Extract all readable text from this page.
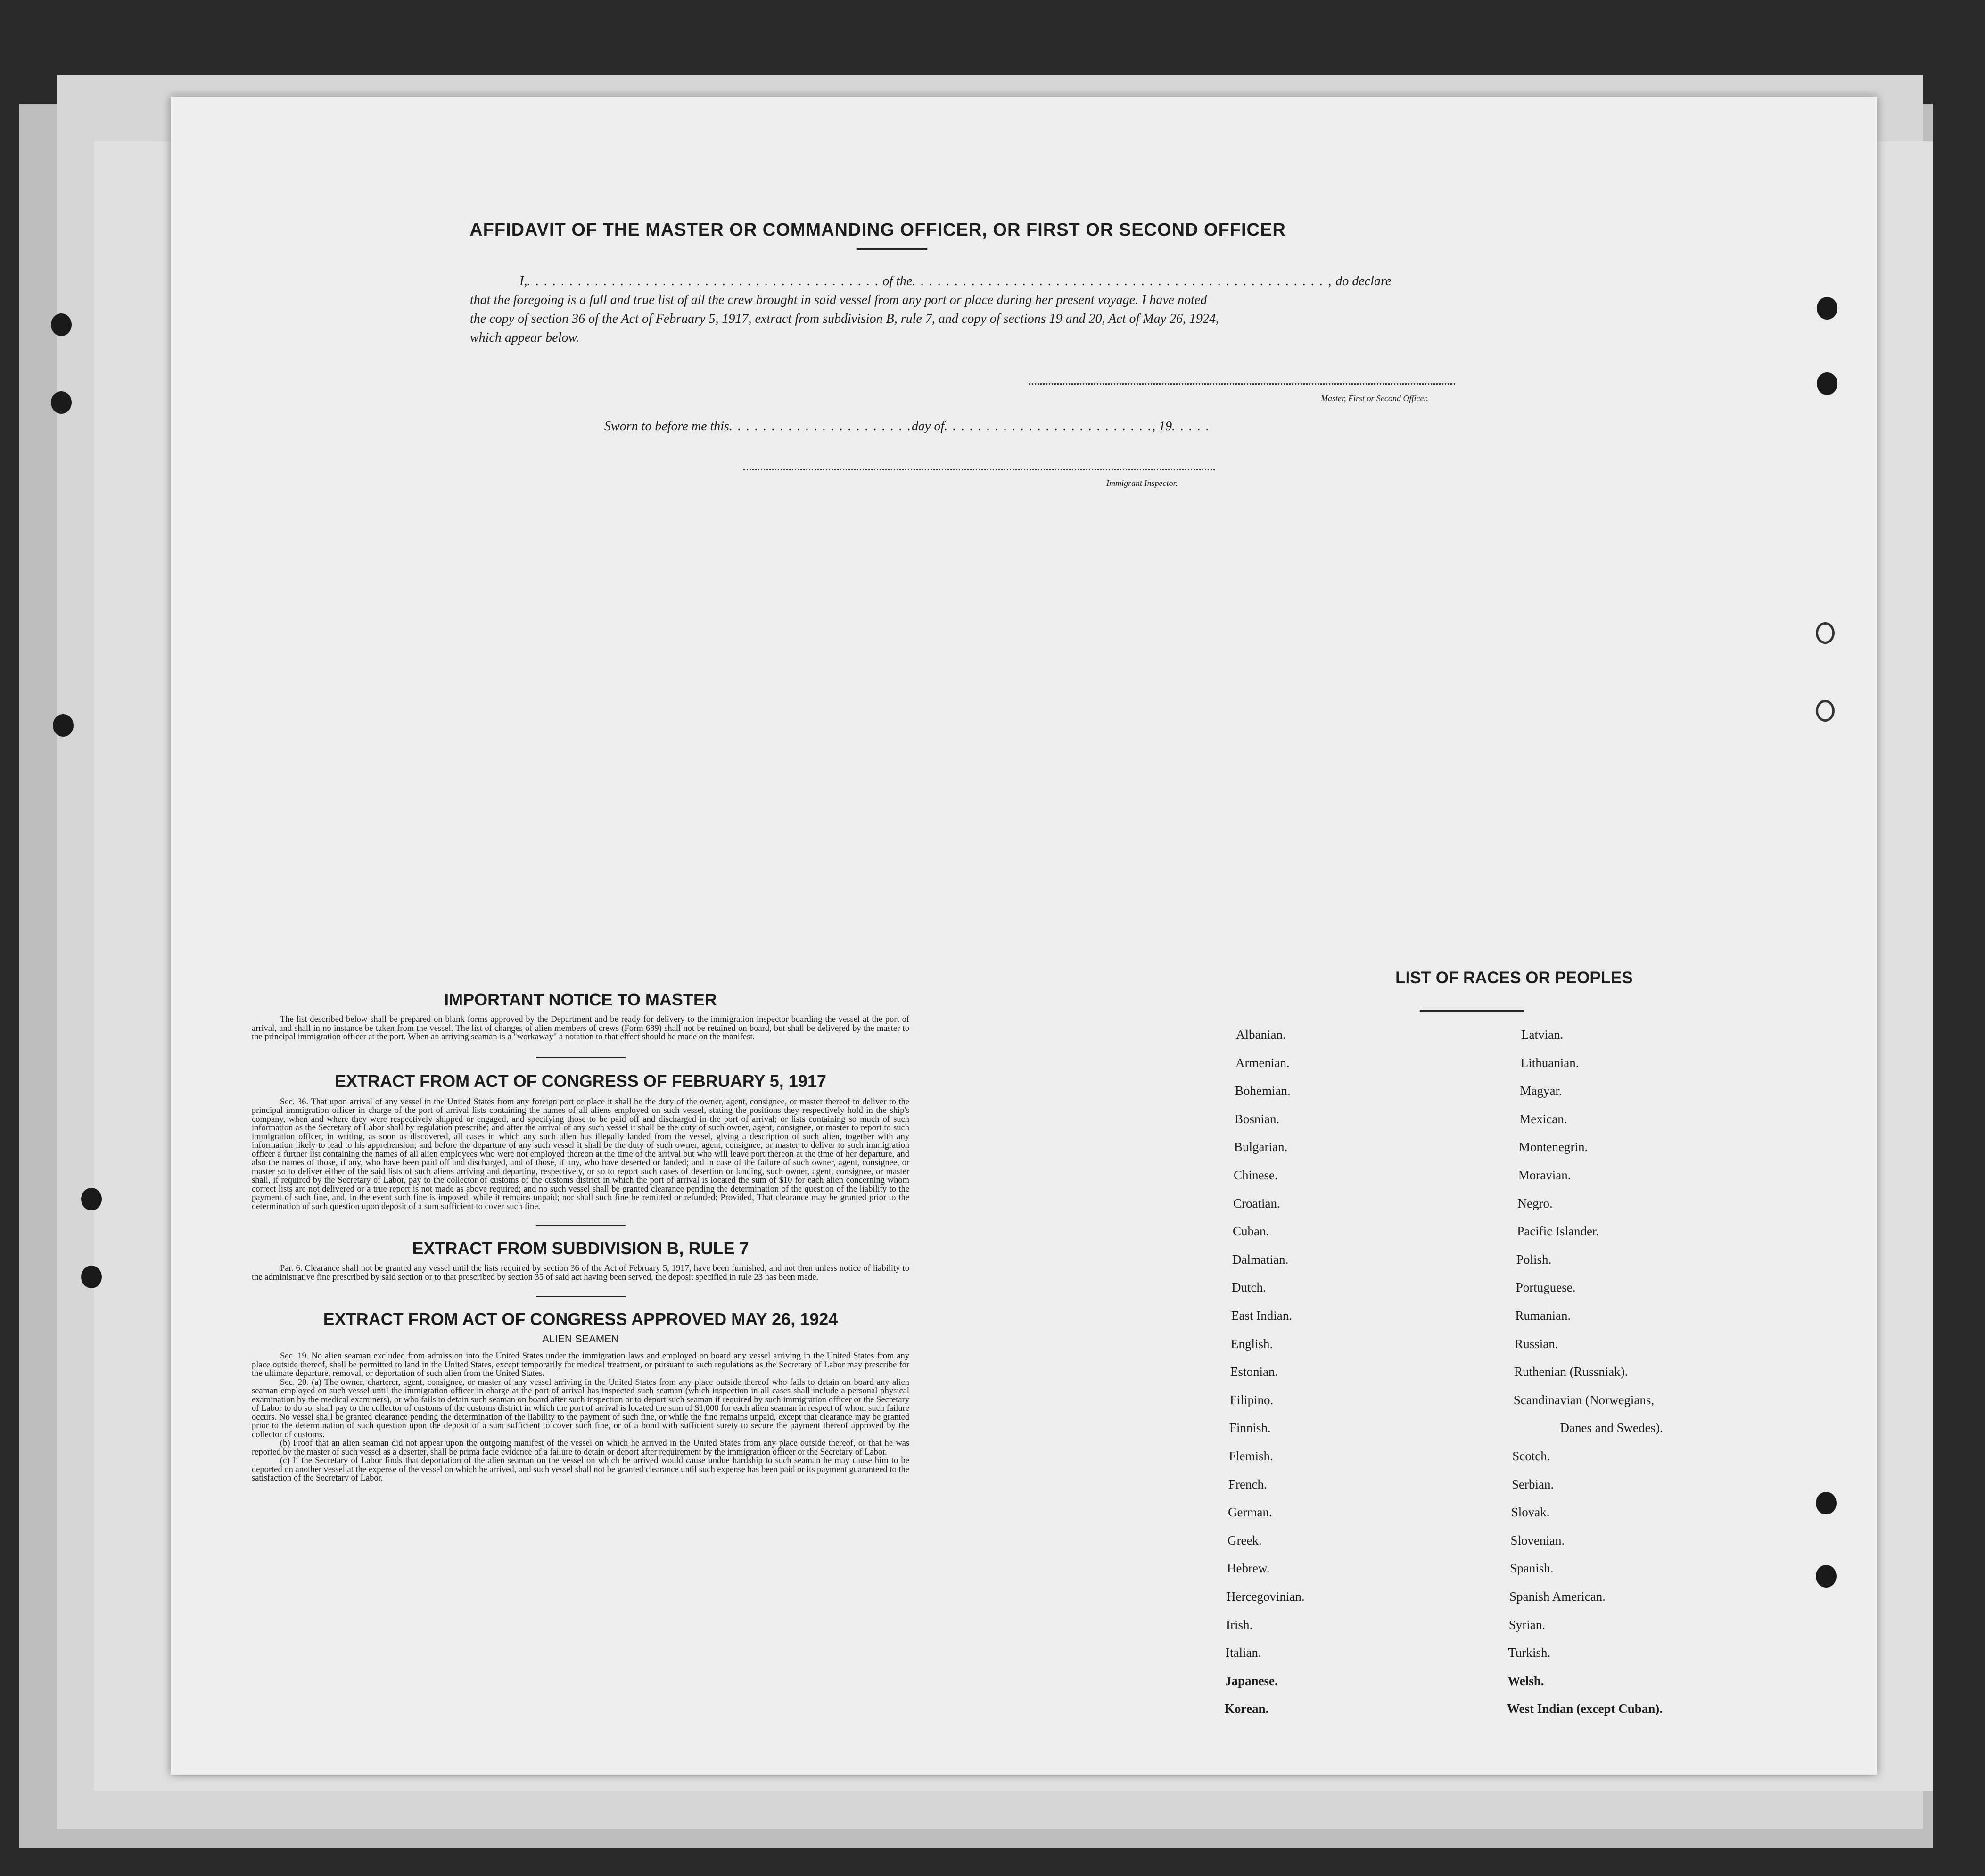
AFFIDAVIT OF THE MASTER OR COMMANDING OFFICER, OR FIRST OR SECOND OFFICER
I,. . . . . . . . . . . . . . . . . . . . . . . . . . . . . . . . . . . . . . . . . . of the. . . . . . . . . . . . . . . . . . . . . . . . . . . . . . . . . . . . . . . . . . . . . . . . . , do declare
that the foregoing is a full and true list of all the crew brought in said vessel from any port or place during her present voyage. I have noted
the copy of section 36 of the Act of February 5, 1917, extract from subdivision B, rule 7, and copy of sections 19 and 20, Act of May 26, 1924,
which appear below.
Master, First or Second Officer.
Sworn to before me this. . . . . . . . . . . . . . . . . . . . . .day of. . . . . . . . . . . . . . . . . . . . . . . . ., 19. . . . .
Immigrant Inspector.
IMPORTANT NOTICE TO MASTER
The list described below shall be prepared on blank forms approved by the Department and be ready for delivery to the immigration inspector boarding the vessel at the port of arrival, and shall in no instance be taken from the vessel. The list of changes of alien members of crews (Form 689) shall not be retained on board, but shall be delivered by the master to the principal immigration officer at the port. When an arriving seaman is a "workaway" a notation to that effect should be made on the manifest.
EXTRACT FROM ACT OF CONGRESS OF FEBRUARY 5, 1917
Sec. 36. That upon arrival of any vessel in the United States from any foreign port or place it shall be the duty of the owner, agent, consignee, or master thereof to deliver to the principal immigration officer in charge of the port of arrival lists containing the names of all aliens employed on such vessel, stating the positions they respectively hold in the ship's company, when and where they were respectively shipped or engaged, and specifying those to be paid off and discharged in the port of arrival; or lists containing so much of such information as the Secretary of Labor shall by regulation prescribe; and after the arrival of any such vessel it shall be the duty of such owner, agent, consignee, or master to report to such immigration officer, in writing, as soon as discovered, all cases in which any such alien has illegally landed from the vessel, giving a description of such alien, together with any information likely to lead to his apprehension; and before the departure of any such vessel it shall be the duty of such owner, agent, consignee, or master to deliver to such immigration officer a further list containing the names of all alien employees who were not employed thereon at the time of the arrival but who will leave port thereon at the time of her departure, and also the names of those, if any, who have been paid off and discharged, and of those, if any, who have deserted or landed; and in case of the failure of such owner, agent, consignee, or master so to deliver either of the said lists of such aliens arriving and departing, respectively, or so to report such cases of desertion or landing, such owner, agent, consignee, or master shall, if required by the Secretary of Labor, pay to the collector of customs of the customs district in which the port of arrival is located the sum of $10 for each alien concerning whom correct lists are not delivered or a true report is not made as above required; and no such vessel shall be granted clearance pending the determination of the question of the liability to the payment of such fine, and, in the event such fine is imposed, while it remains unpaid; nor shall such fine be remitted or refunded; Provided, That clearance may be granted prior to the determination of such question upon deposit of a sum sufficient to cover such fine.
EXTRACT FROM SUBDIVISION B, RULE 7
Par. 6. Clearance shall not be granted any vessel until the lists required by section 36 of the Act of February 5, 1917, have been furnished, and not then unless notice of liability to the administrative fine prescribed by said section or to that prescribed by section 35 of said act having been served, the deposit specified in rule 23 has been made.
EXTRACT FROM ACT OF CONGRESS APPROVED MAY 26, 1924
ALIEN SEAMEN
Sec. 19. No alien seaman excluded from admission into the United States under the immigration laws and employed on board any vessel arriving in the United States from any place outside thereof, shall be permitted to land in the United States, except temporarily for medical treatment, or pursuant to such regulations as the Secretary of Labor may prescribe for the ultimate departure, removal, or deportation of such alien from the United States.
Sec. 20. (a) The owner, charterer, agent, consignee, or master of any vessel arriving in the United States from any place outside thereof who fails to detain on board any alien seaman employed on such vessel until the immigration officer in charge at the port of arrival has inspected such seaman (which inspection in all cases shall include a personal physical examination by the medical examiners), or who fails to detain such seaman on board after such inspection or to deport such seaman if required by such immigration officer or the Secretary of Labor to do so, shall pay to the collector of customs of the customs district in which the port of arrival is located the sum of $1,000 for each alien seaman in respect of whom such failure occurs. No vessel shall be granted clearance pending the determination of the liability to the payment of such fine, or while the fine remains unpaid, except that clearance may be granted prior to the determination of such question upon the deposit of a sum sufficient to cover such fine, or of a bond with sufficient surety to secure the payment thereof approved by the collector of customs.
(b) Proof that an alien seaman did not appear upon the outgoing manifest of the vessel on which he arrived in the United States from any place outside thereof, or that he was reported by the master of such vessel as a deserter, shall be prima facie evidence of a failure to detain or deport after requirement by the immigration officer or the Secretary of Labor.
(c) If the Secretary of Labor finds that deportation of the alien seaman on the vessel on which he arrived would cause undue hardship to such seaman he may cause him to be deported on another vessel at the expense of the vessel on which he arrived, and such vessel shall not be granted clearance until such expense has been paid or its payment guaranteed to the satisfaction of the Secretary of Labor.
LIST OF RACES OR PEOPLES
Albanian.
Armenian.
Bohemian.
Bosnian.
Bulgarian.
Chinese.
Croatian.
Cuban.
Dalmatian.
Dutch.
East Indian.
English.
Estonian.
Filipino.
Finnish.
Flemish.
French.
German.
Greek.
Hebrew.
Hercegovinian.
Irish.
Italian.
Japanese.
Korean.
Latvian.
Lithuanian.
Magyar.
Mexican.
Montenegrin.
Moravian.
Negro.
Pacific Islander.
Polish.
Portuguese.
Rumanian.
Russian.
Ruthenian (Russniak).
Scandinavian (Norwegians,
Danes and Swedes).
Scotch.
Serbian.
Slovak.
Slovenian.
Spanish.
Spanish American.
Syrian.
Turkish.
Welsh.
West Indian (except Cuban).
